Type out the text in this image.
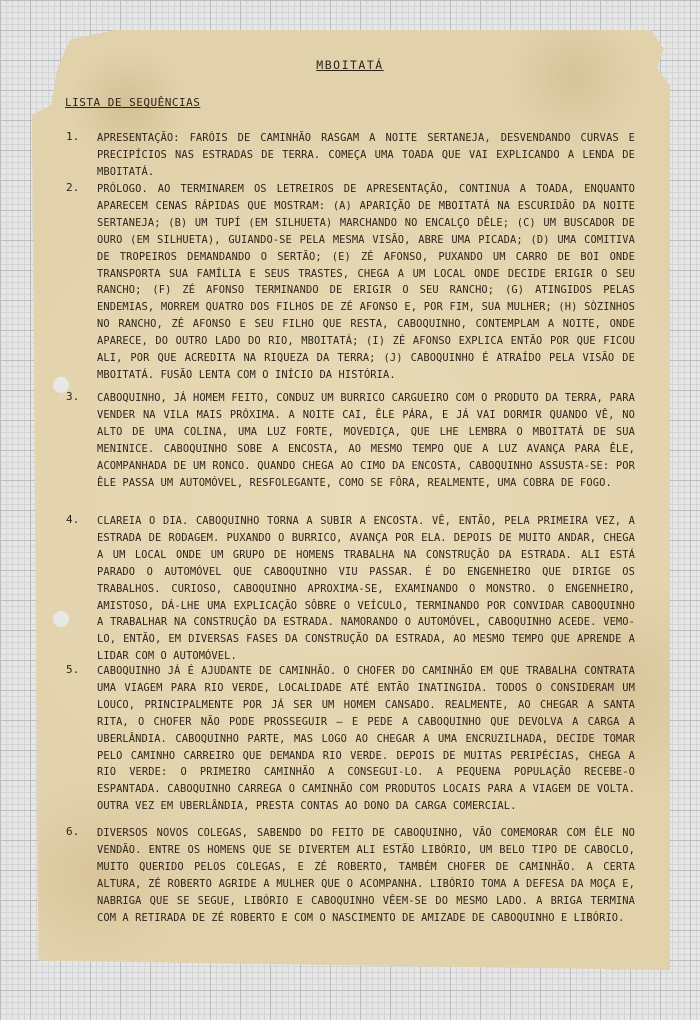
MBOITATÁ
LISTA DE SEQUÊNCIAS
1. APRESENTAÇÃO: FARÓIS DE CAMINHÃO RASGAM A NOITE SERTANEJA, DESVENDANDO CURVAS E PRECIPÍCIOS NAS ESTRADAS DE TERRA. COMEÇA UMA TOADA QUE VAI EXPLICANDO A LENDA DE MBOITATÁ.
2. PRÓLOGO. AO TERMINAREM OS LETREIROS DE APRESENTAÇÃO, CONTINUA A TOADA, ENQUANTO APARECEM CENAS RÁPIDAS QUE MOSTRAM: (A) APARIÇÃO DE MBOITATÁ NA ESCURIDÃO DA NOITE SERTANEJA; (B) UM TUPÍ (EM SILHUETA) MARCHANDO NO ENCALÇO DÊLE; (C) UM BUSCADOR DE OURO (EM SILHUETA), GUIANDO-SE PELA MESMA VISÃO, ABRE UMA PICADA; (D) UMA COMITIVA DE TROPEIROS DEMANDANDO O SERTÃO; (E) ZÉ AFONSO, PUXANDO UM CARRO DE BOI ONDE TRANSPORTA SUA FAMÍLIA E SEUS TRASTES, CHEGA A UM LOCAL ONDE DECIDE ERIGIR O SEU RANCHO; (F) ZÉ AFONSO TERMINANDO DE ERIGIR O SEU RANCHO; (G) ATINGIDOS PELAS ENDEMIAS, MORREM QUATRO DOS FILHOS DE ZÉ AFONSO E, POR FIM, SUA MULHER; (H) SÒZINHOS NO RANCHO, ZÉ AFONSO E SEU FILHO QUE RESTA, CABOQUINHO, CONTEMPLAM A NOITE, ONDE APARECE, DO OUTRO LADO DO RIO, MBOITATÁ; (I) ZÉ AFONSO EXPLICA ENTÃO POR QUE FICOU ALI, POR QUE ACREDITA NA RIQUEZA DA TERRA; (J) CABOQUINHO É ATRAÍDO PELA VISÃO DE MBOITATÁ. FUSÃO LENTA COM O INÍCIO DA HISTÓRIA.
3. CABOQUINHO, JÁ HOMEM FEITO, CONDUZ UM BURRICO CARGUEIRO COM O PRODUTO DA TERRA, PARA VENDER NA VILA MAIS PRÓXIMA. A NOITE CAI, ÊLE PÁRA, E JÁ VAI DORMIR QUANDO VÊ, NO ALTO DE UMA COLINA, UMA LUZ FORTE, MOVEDIÇA, QUE LHE LEMBRA O MBOITATÁ DE SUA MENINICE. CABOQUINHO SOBE A ENCOSTA, AO MESMO TEMPO QUE A LUZ AVANÇA PARA ÊLE, ACOMPANHADA DE UM RONCO. QUANDO CHEGA AO CIMO DA ENCOSTA, CABOQUINHO ASSUSTA-SE: POR ÊLE PASSA UM AUTOMÓVEL, RESFOLEGANTE, COMO SE FÔRA, REALMENTE, UMA COBRA DE FOGO.
4. CLAREIA O DIA. CABOQUINHO TORNA A SUBIR A ENCOSTA. VÊ, ENTÃO, PELA PRIMEIRA VEZ, A ESTRADA DE RODAGEM. PUXANDO O BURRICO, AVANÇA POR ELA. DEPOIS DE MUITO ANDAR, CHEGA A UM LOCAL ONDE UM GRUPO DE HOMENS TRABALHA NA CONSTRUÇÃO DA ESTRADA. ALI ESTÁ PARADO O AUTOMÓVEL QUE CABOQUINHO VIU PASSAR. É DO ENGENHEIRO QUE DIRIGE OS TRABALHOS. CURIOSO, CABOQUINHO APROXIMA-SE, EXAMINANDO O MONSTRO. O ENGENHEIRO, AMISTOSO, DÁ-LHE UMA EXPLICAÇÃO SÔBRE O VEÍCULO, TERMINANDO POR CONVIDAR CABOQUINHO A TRABALHAR NA CONSTRUÇÃO DA ESTRADA. NAMORANDO O AUTOMÓVEL, CABOQUINHO ACEDE. VEMO-LO, ENTÃO, EM DIVERSAS FASES DA CONSTRUÇÃO DA ESTRADA, AO MESMO TEMPO QUE APRENDE A LIDAR COM O AUTOMÓVEL.
5. CABOQUINHO JÁ É AJUDANTE DE CAMINHÃO. O CHOFER DO CAMINHÃO EM QUE TRABALHA CONTRATA UMA VIAGEM PARA RIO VERDE, LOCALIDADE ATÉ ENTÃO INATINGIDA. TODOS O CONSIDERAM UM LOUCO, PRINCIPALMENTE POR JÁ SER UM HOMEM CANSADO. REALMENTE, AO CHEGAR A SANTA RITA, O CHOFER NÃO PODE PROSSEGUIR — E PEDE A CABOQUINHO QUE DEVOLVA A CARGA A UBERLÂNDIA. CABOQUINHO PARTE, MAS LOGO AO CHEGAR A UMA ENCRUZILHADA, DECIDE TOMAR PELO CAMINHO CARREIRO QUE DEMANDA RIO VERDE. DEPOIS DE MUITAS PERIPÉCIAS, CHEGA A RIO VERDE: O PRIMEIRO CAMINHÃO A CONSEGUI-LO. A PEQUENA POPULAÇÃO RECEBE-O ESPANTADA. CABOQUINHO CARREGA O CAMINHÃO COM PRODUTOS LOCAIS PARA A VIAGEM DE VOLTA. OUTRA VEZ EM UBERLÂNDIA, PRESTA CONTAS AO DONO DA CARGA COMERCIAL.
6. DIVERSOS NOVOS COLEGAS, SABENDO DO FEITO DE CABOQUINHO, VÃO COMEMORAR COM ÊLE NO VENDÃO. ENTRE OS HOMENS QUE SE DIVERTEM ALI ESTÃO LIBÓRIO, UM BELO TIPO DE CABOCLO, MUITO QUERIDO PELOS COLEGAS, E ZÉ ROBERTO, TAMBÉM CHOFER DE CAMINHÃO. A CERTA ALTURA, ZÉ ROBERTO AGRIDE A MULHER QUE O ACOMPANHA. LIBÓRIO TOMA A DEFESA DA MOÇA E, NABRIGA QUE SE SEGUE, LIBÓRIO E CABOQUINHO VÊEM-SE DO MESMO LADO. A BRIGA TERMINA COM A RETIRADA DE ZÉ ROBERTO E COM O NASCIMENTO DE AMIZADE DE CABOQUINHO E LIBÓRIO.
